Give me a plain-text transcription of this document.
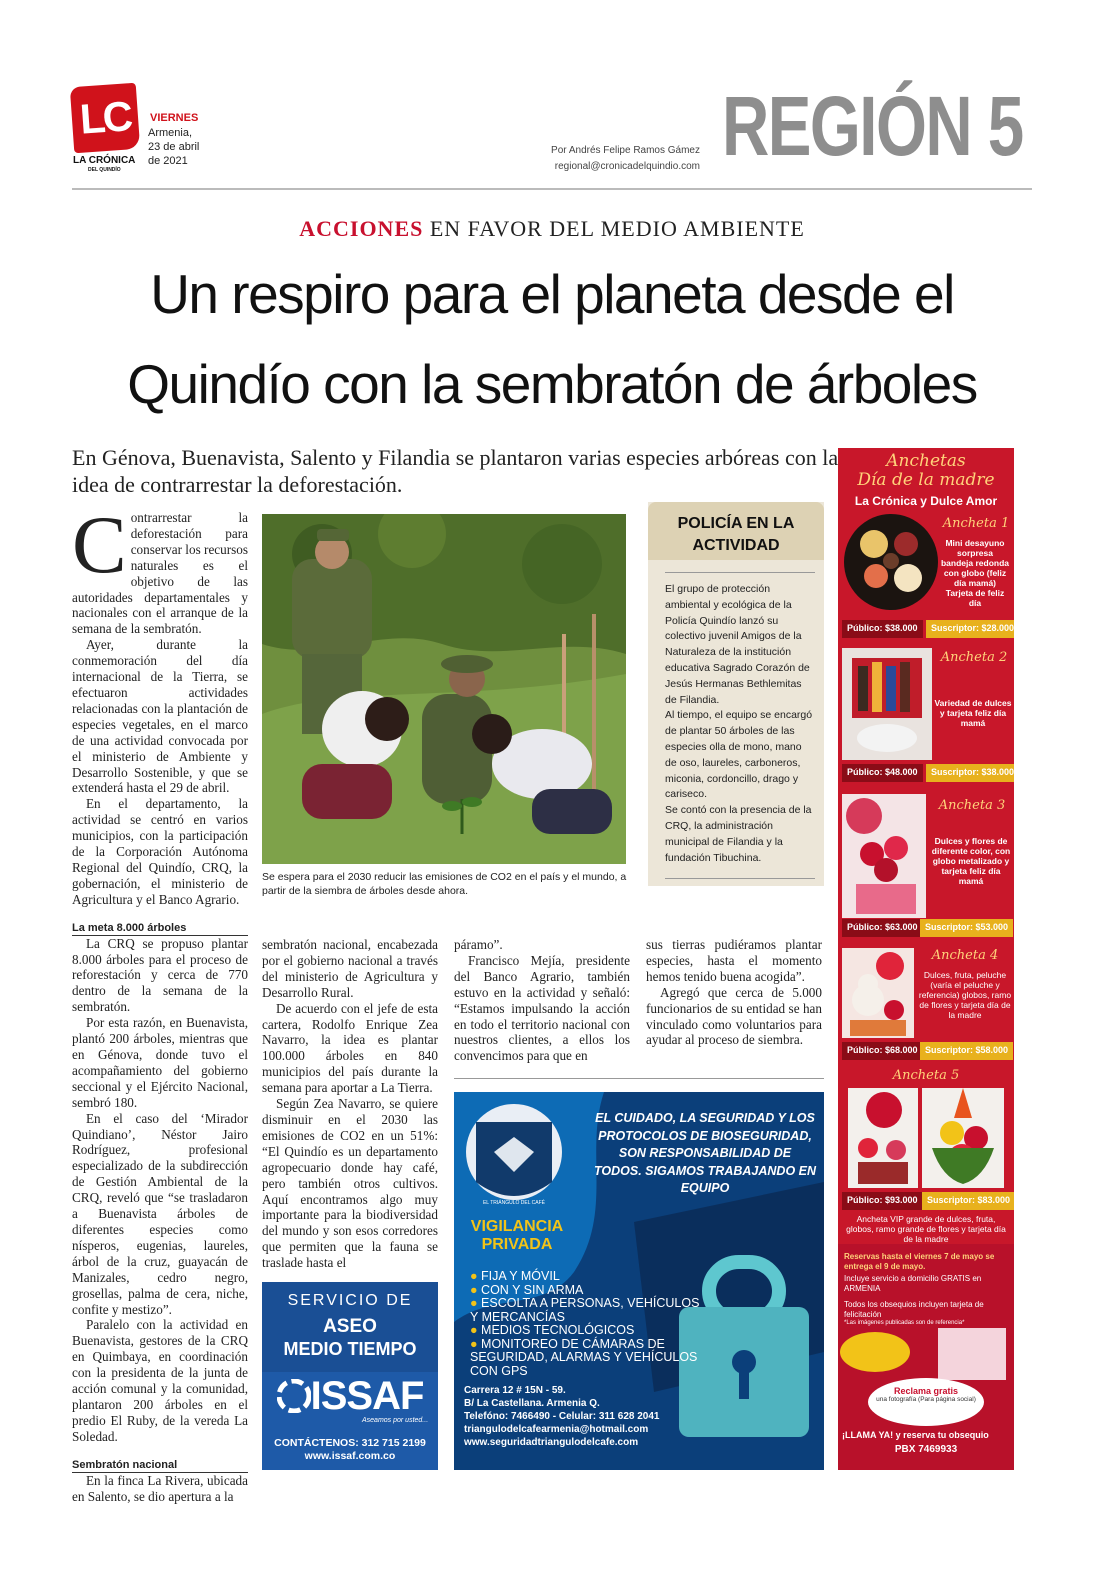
LC
LA CRÓNICA
DEL QUINDÍO
VIERNES
Armenia,
23 de abril
de 2021
Por Andrés Felipe Ramos Gámez
regional@cronicadelquindio.com REGIÓN 5
ACCIONES EN FAVOR DEL MEDIO AMBIENTE
Un respiro para el planeta desde el
Quindío con la sembratón de árboles
En Génova, Buenavista, Salento y Filandia se plantaron varias especies arbóreas con la idea de contrarrestar la deforestación.
C ontrarrestar la deforestación para conservar los recursos naturales es el objetivo de las autoridades departamentales y nacionales con el arranque de la semana de la sembratón.

Ayer, durante la conmemoración del día internacional de la Tierra, se efectuaron actividades relacionadas con la plantación de especies vegetales, en el marco de una actividad convocada por el ministerio de Ambiente y Desarrollo Sostenible, y que se extenderá hasta el 29 de abril.

En el departamento, la actividad se centró en varios municipios, con la participación de la Corporación Autónoma Regional del Quindío, CRQ, la gobernación, el ministerio de Agricultura y el Banco Agrario.

La meta 8.000 árboles

La CRQ se propuso plantar 8.000 árboles para el proceso de reforestación y cerca de 770 dentro de la semana de la sembratón.

Por esta razón, en Buenavista, plantó 200 árboles, mientras que en Génova, donde tuvo el acompañamiento del gobierno seccional y el Ejército Nacional, sembró 180.

En el caso del ‘Mirador Quindiano’, Néstor Jairo Rodríguez, profesional especializado de la subdirección de Gestión Ambiental de la CRQ, reveló que “se trasladaron a Buenavista árboles de diferentes especies como nísperos, eugenias, laureles, árbol de la cruz, guayacán de Manizales, cedro negro, grosellas, palma de cera, niche, confite y mestizo”.

Paralelo con la actividad en Buenavista, gestores de la CRQ en Quimbaya, en coordinación con la presidenta de la junta de acción comunal y la comunidad, plantaron 200 árboles en el predio El Ruby, de la vereda La Soledad.

Sembratón nacional

En la finca La Rivera, ubicada en Salento, se dio apertura a la

Se espera para el 2030 reducir las emisiones de CO2 en el país y el mundo, a partir de la siembra de árboles desde ahora.
POLICÍA EN LA ACTIVIDAD
El grupo de protección ambiental y ecológica de la Policía Quindío lanzó su colectivo juvenil Amigos de la Naturaleza de la institución educativa Sagrado Corazón de Jesús Hermanas Bethlemitas de Filandia.
Al tiempo, el equipo se encargó de plantar 50 árboles de las especies olla de mono, mano de oso, laureles, carboneros, miconia, cordoncillo, drago y cariseco.
Se contó con la presencia de la CRQ, la administración municipal de Filandia y la fundación Tibuchina.
sembratón nacional, encabezada por el gobierno nacional a través del ministerio de Agricultura y Desarrollo Rural.

De acuerdo con el jefe de esta cartera, Rodolfo Enrique Zea Navarro, la idea es plantar 100.000 árboles en 840 municipios del país durante la semana para aportar a La Tierra.

Según Zea Navarro, se quiere disminuir en el 2030 las emisiones de CO2 en un 51%: “El Quindío es un departamento agropecuario donde hay café, pero también otros cultivos. Aquí encontramos algo muy importante para la biodiversidad del mundo y son esos corredores que permiten que la fauna se traslade hasta el

páramo”.

Francisco Mejía, presidente del Banco Agrario, también estuvo en la actividad y señaló: “Estamos impulsando la acción en todo el territorio nacional con nuestros clientes, a ellos los convencimos para que en

sus tierras pudiéramos plantar especies, hasta el momento hemos tenido buena acogida”.

Agregó que cerca de 5.000 funcionarios de su entidad se han vinculado como voluntarios para ayudar al proceso de siembra.

SERVICIO DE
ASEO
MEDIO TIEMPO
ISSAF
Aseamos por usted...
CONTÁCTENOS: 312 715 2199
www.issaf.com.co
EL CUIDADO, LA SEGURIDAD Y LOS PROTOCOLOS DE BIOSEGURIDAD, SON RESPONSABILIDAD DE TODOS. SIGAMOS TRABAJANDO EN EQUIPO
EL TRIÁNGULO DEL CAFÉ
VIGILANCIA
PRIVADA
● FIJA Y MÓVIL
● CON Y SIN ARMA
● ESCOLTA A PERSONAS, VEHÍCULOS Y MERCANCÍAS
● MEDIOS TECNOLÓGICOS
● MONITOREO DE CÁMARAS DE SEGURIDAD, ALARMAS Y VEHÍCULOS CON GPS
Carrera 12 # 15N - 59.
B/ La Castellana. Armenia Q.
Telefóno: 7466490 - Celular: 311 628 2041
triangulodelcafearmenia@hotmail.com
www.seguridadtriangulodelcafe.com
Anchetas
Día de la madre
La Crónica y Dulce Amor
Ancheta 1
Mini desayuno sorpresa bandeja redonda con globo (feliz día mamá) Tarjeta de feliz día
Público: $38.000	Suscriptor: $28.000
Ancheta 2
Variedad de dulces y tarjeta feliz día mamá
Público: $48.000	Suscriptor: $38.000
Ancheta 3
Dulces y flores de diferente color, con globo metalizado y tarjeta feliz día mamá
Público: $63.000 Suscriptor: $53.000
Ancheta 4
Dulces, fruta, peluche (varía el peluche y referencia) globos, ramo de flores y tarjeta día de la madre
Público: $68.000 Suscriptor: $58.000
Ancheta 5
Público: $93.000	Suscriptor: $83.000
Ancheta VIP grande de dulces, fruta, globos, ramo grande de flores y tarjeta día de la madre
Reservas hasta el viernes 7 de mayo se entrega el 9 de mayo.
Incluye servicio a domicilio GRATIS en ARMENIA
Todos los obsequios incluyen tarjeta de felicitación
*Las imágenes publicadas son de referencia*
Reclama gratis
una fotografía (Para página social)
¡LLAMA YA! y reserva tu obsequio
PBX 7469933
